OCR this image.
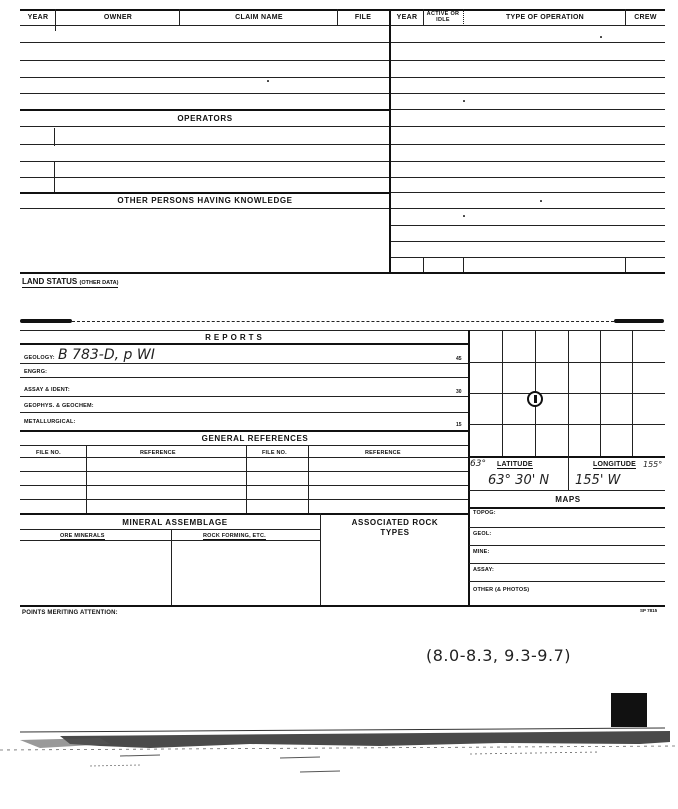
YEAR	OWNER	CLAIM NAME	FILE
OPERATORS
OTHER PERSONS HAVING KNOWLEDGE
YEAR	ACTIVE OR IDLE	TYPE OF OPERATION	CREW
LAND STATUS (OTHER DATA)
REPORTS
GEOLOGY: B 783-D, p WI	45
ENGRG:
ASSAY & IDENT:	30
GEOPHYS. & GEOCHEM:
METALLURGICAL:	15
GENERAL REFERENCES
FILE NO.	REFERENCE	FILE NO.	REFERENCE
MINERAL ASSEMBLAGE
ORE MINERALS	ROCK FORMING, ETC.
ASSOCIATED ROCK TYPES
63° LATITUDE	LONGITUDE 155°
63° 30' N 155' W
MAPS
TOPOG:
GEOL:
MINE:
ASSAY:
OTHER (& PHOTOS)
POINTS MERITING ATTENTION:	SP 7815
(8.0-8.3, 9.3-9.7)
